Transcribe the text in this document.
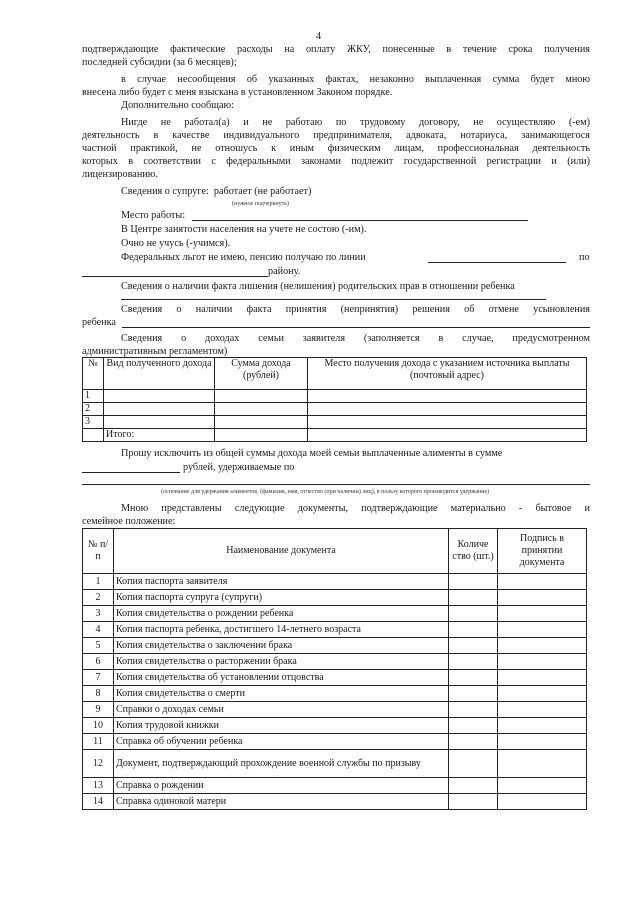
4
подтверждающие фактические расходы на оплату ЖКУ, понесенные в течение срока получения
последней субсидии (за 6 месяцев);
в случае несообщения об указанных фактах, незаконно выплаченная сумма будет мною
внесена либо будет с меня взыскана в установленном Законом порядке.
Дополнительно сообщаю:
Нигде не работал(а) и не работаю по трудовому договору, не осуществляю (-ем)
деятельность в качестве индивидуального предпринимателя, адвоката, нотариуса, занимающегося
частной практикой, не отношусь к иным физическим лицам, профессиональная деятельность
которых в соответствии с федеральными законами подлежит государственной регистрации и (или)
лицензированию.
Сведения о супруге: работает (не работает)
(нужное подчеркнуть)
Место работы:
В Центре занятости населения на учете не состою (-им).
Очно не учусь (-учимся).
Федеральных льгот не имею, пенсию получаю по линии	по
району.
Сведения о наличии факта лишения (нелишения) родительских прав в отношении ребенка
Сведения о наличии факта принятия (непринятия) решения об отмене усыновления
ребенка
Сведения о доходах семьи заявителя (заполняется в случае, предусмотренном
административным регламентом)
№	Вид полученного дохода	Сумма дохода (рублей)	Место получения дохода с указанием источника выплаты (почтовый адрес)
1			
2			
3			
	Итого:		
Прошу исключить из общей суммы дохода моей семьи выплаченные алименты в сумме
рублей, удерживаемые по
(основание для удержания алиментов, (фамилия, имя, отчество (при наличии) лиц), в пользу которого производится удержание)
Мною представлены следующие документы, подтверждающие материально - бытовое и
семейное положение:
№ п/ п	Наименование документа	Количе ство (шт.)	Подпись в принятии документа
1	Копия паспорта заявителя		
2	Копия паспорта супруга (супруги)		
3	Копия свидетельства о рождении ребенка		
4	Копия паспорта ребенка, достигшего 14-летнего возраста		
5	Копия свидетельства о заключении брака		
6	Копия свидетельства о расторжении брака		
7	Копия свидетельства об установлении отцовства		
8	Копия свидетельства о смерти		
9	Справки о доходах семьи		
10	Копия трудовой книжки		
11	Справка об обучении ребенка		
12	Документ, подтверждающий прохождение военной службы по призыву		
13	Справка о рождении		
14	Справка одинокой матери		
